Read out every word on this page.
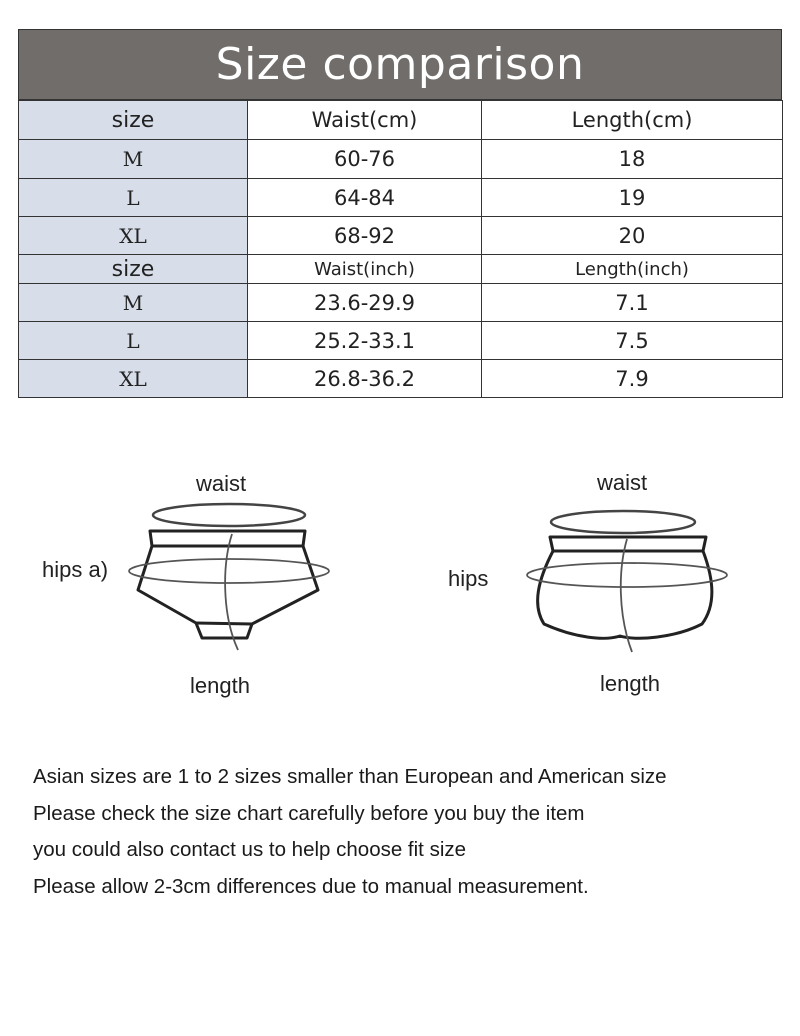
Size comparison
size	Waist(cm)	Length(cm)
M	60-76	18
L	64-84	19
XL	68-92	20
size	Waist(inch)	Length(inch)
M	23.6-29.9	7.1
L	25.2-33.1	7.5
XL	26.8-36.2	7.9
waist
hips a)
length
waist
hips
length
Asian sizes are 1 to 2 sizes smaller than European and American size
Please check the size chart carefully before you buy the item
you could also contact us to help choose fit size
Please allow 2-3cm differences due to manual measurement.
